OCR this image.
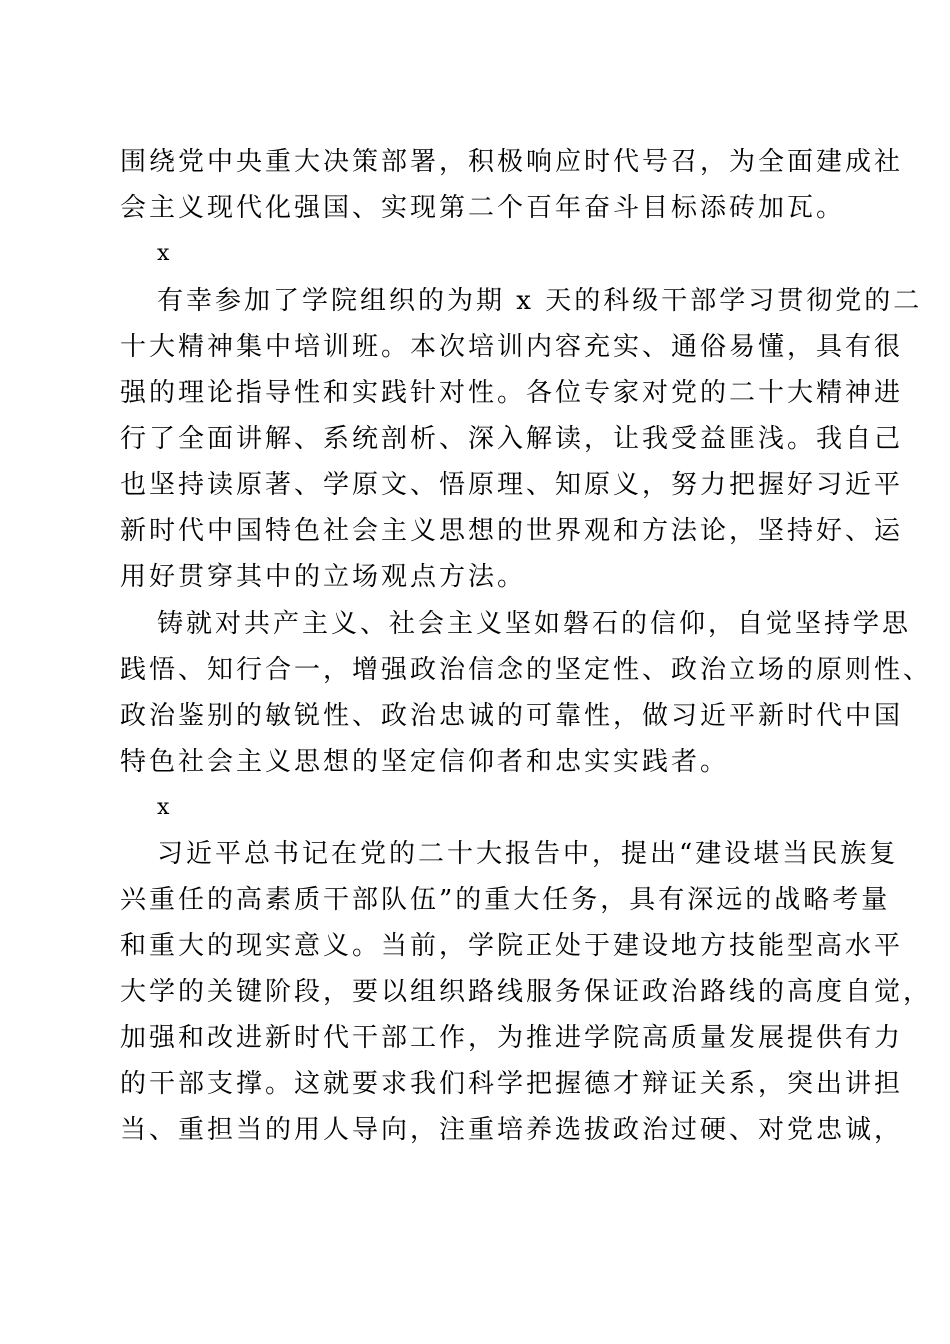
围绕党中央重大决策部署，积极响应时代号召，为全面建成社
会主义现代化强国、实现第二个百年奋斗目标添砖加瓦。
x
有幸参加了学院组织的为期 x 天的科级干部学习贯彻党的二
十大精神集中培训班。本次培训内容充实、通俗易懂，具有很
强的理论指导性和实践针对性。各位专家对党的二十大精神进
行了全面讲解、系统剖析、深入解读，让我受益匪浅。我自己
也坚持读原著、学原文、悟原理、知原义，努力把握好习近平
新时代中国特色社会主义思想的世界观和方法论，坚持好、运
用好贯穿其中的立场观点方法。
铸就对共产主义、社会主义坚如磐石的信仰，自觉坚持学思
践悟、知行合一，增强政治信念的坚定性、政治立场的原则性、
政治鉴别的敏锐性、政治忠诚的可靠性，做习近平新时代中国
特色社会主义思想的坚定信仰者和忠实实践者。
x
习近平总书记在党的二十大报告中，提出“建设堪当民族复
兴重任的高素质干部队伍”的重大任务，具有深远的战略考量
和重大的现实意义。当前，学院正处于建设地方技能型高水平
大学的关键阶段，要以组织路线服务保证政治路线的高度自觉，
加强和改进新时代干部工作，为推进学院高质量发展提供有力
的干部支撑。这就要求我们科学把握德才辩证关系，突出讲担
当、重担当的用人导向，注重培养选拔政治过硬、对党忠诚，
